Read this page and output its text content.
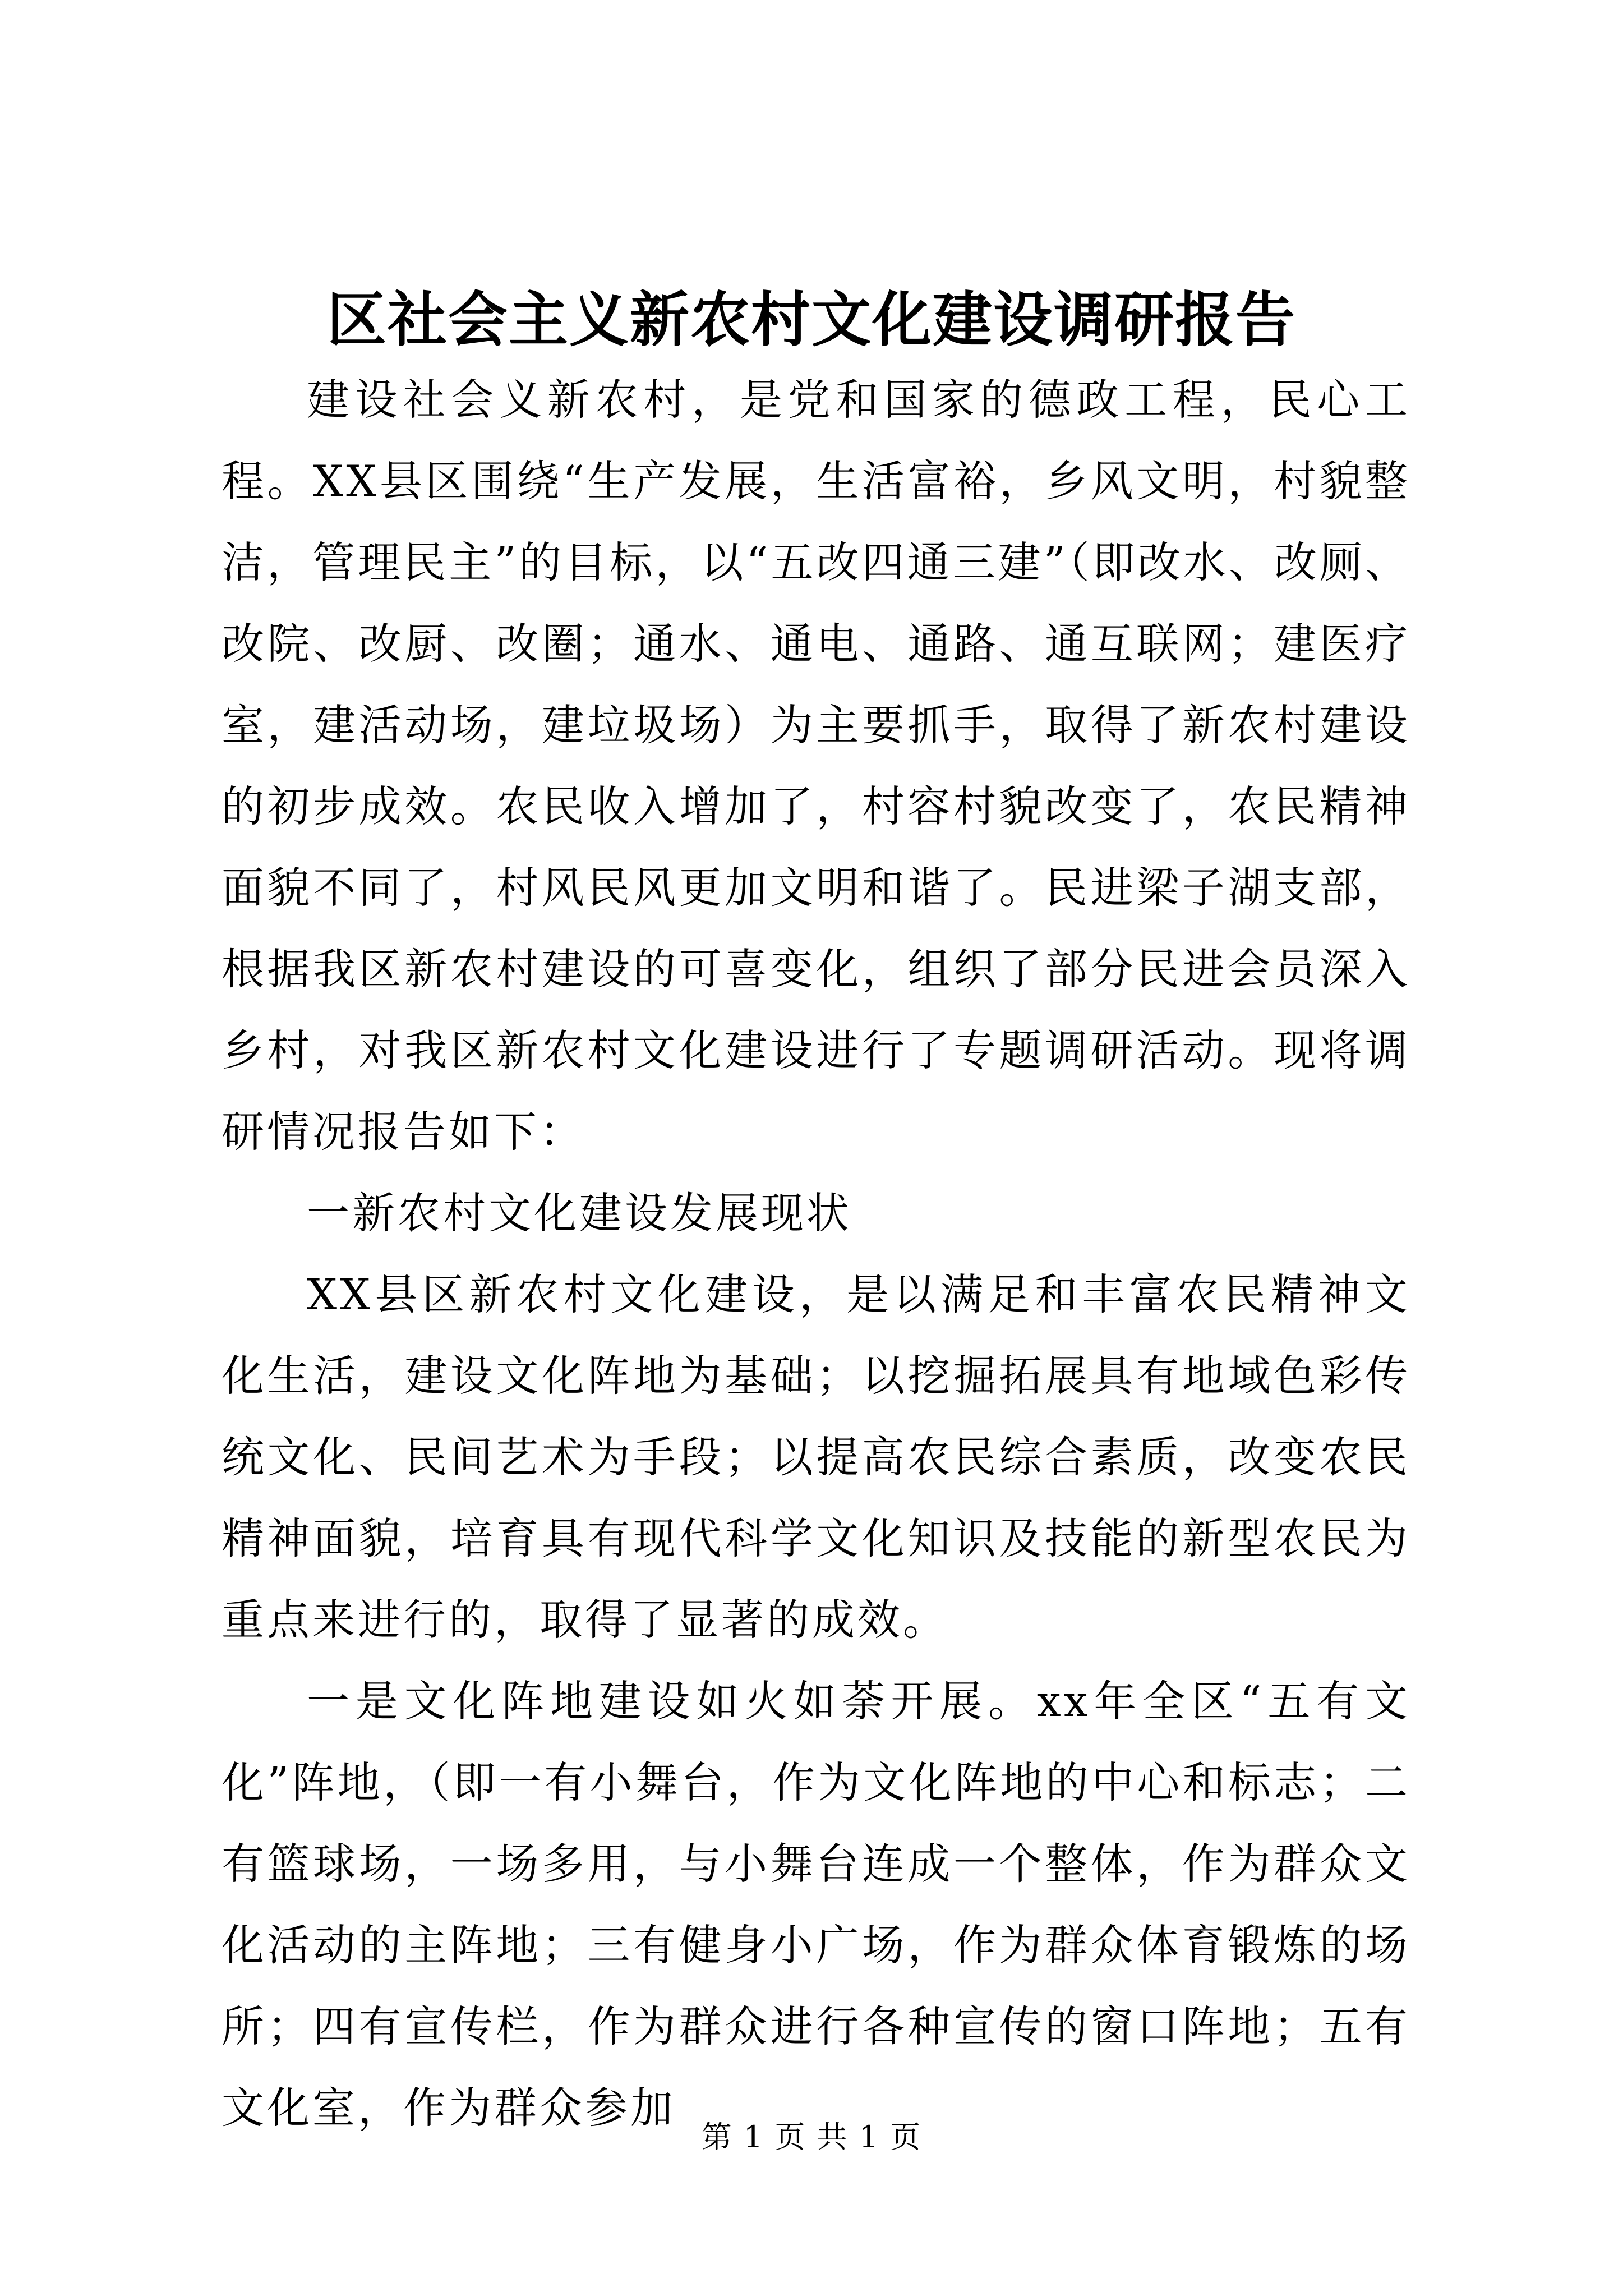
区社会主义新农村文化建设调研报告

建设社会义新农村，是党和国家的德政工程，民心工程。XX县区围绕“生产发展，生活富裕，乡风文明，村貌整洁，管理民主”的目标，以“五改四通三建”（即改水、改厕、改院、改厨、改圈；通水、通电、通路、通互联网；建医疗室，建活动场，建垃圾场）为主要抓手，取得了新农村建设的初步成效。农民收入增加了，村容村貌改变了，农民精神面貌不同了，村风民风更加文明和谐了。民进梁子湖支部，根据我区新农村建设的可喜变化，组织了部分民进会员深入乡村，对我区新农村文化建设进行了专题调研活动。现将调研情况报告如下：

一新农村文化建设发展现状

XX县区新农村文化建设，是以满足和丰富农民精神文化生活，建设文化阵地为基础；以挖掘拓展具有地域色彩传统文化、民间艺术为手段；以提高农民综合素质，改变农民精神面貌，培育具有现代科学文化知识及技能的新型农民为重点来进行的，取得了显著的成效。

一是文化阵地建设如火如荼开展。xx年全区“五有文化”阵地，（即一有小舞台，作为文化阵地的中心和标志；二有篮球场，一场多用，与小舞台连成一个整体，作为群众文化活动的主阵地；三有健身小广场，作为群众体育锻炼的场所；四有宣传栏，作为群众进行各种宣传的窗口阵地；五有文化室，作为群众参加

第 1 页 共 1 页
